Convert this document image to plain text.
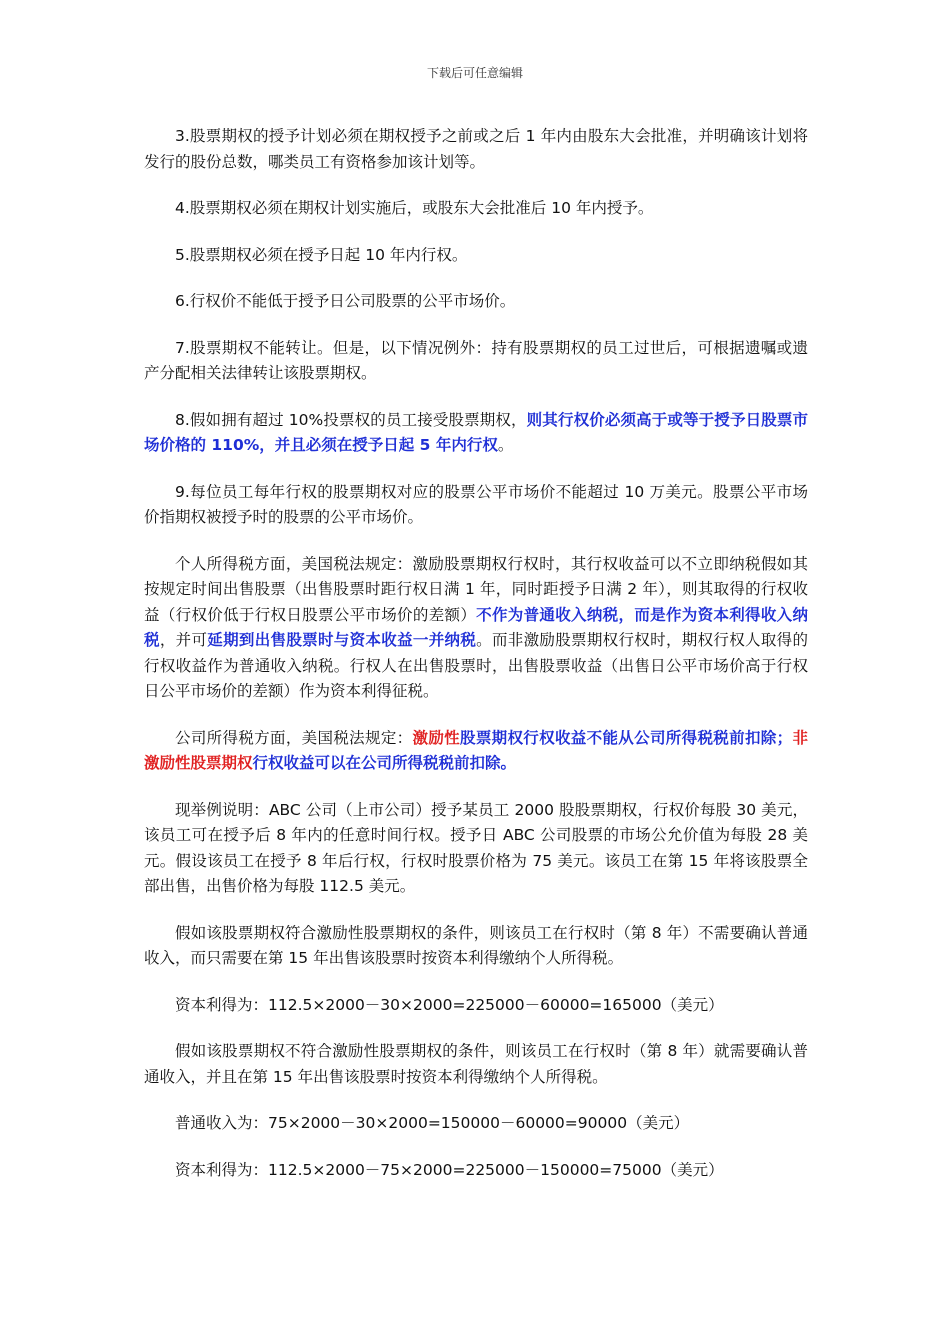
下载后可任意编辑

3.股票期权的授予计划必须在期权授予之前或之后 1 年内由股东大会批准，并明确该计划将发行的股份总数，哪类员工有资格参加该计划等。

4.股票期权必须在期权计划实施后，或股东大会批准后 10 年内授予。

5.股票期权必须在授予日起 10 年内行权。

6.行权价不能低于授予日公司股票的公平市场价。

7.股票期权不能转让。但是，以下情况例外：持有股票期权的员工过世后，可根据遗嘱或遗产分配相关法律转让该股票期权。

8.假如拥有超过 10%投票权的员工接受股票期权，则其行权价必须高于或等于授予日股票市场价格的 110%，并且必须在授予日起 5 年内行权。

9.每位员工每年行权的股票期权对应的股票公平市场价不能超过 10 万美元。股票公平市场价指期权被授予时的股票的公平市场价。

个人所得税方面，美国税法规定：激励股票期权行权时，其行权收益可以不立即纳税假如其按规定时间出售股票（出售股票时距行权日满 1 年，同时距授予日满 2 年），则其取得的行权收益（行权价低于行权日股票公平市场价的差额）不作为普通收入纳税，而是作为资本利得收入纳税，并可延期到出售股票时与资本收益一并纳税。而非激励股票期权行权时，期权行权人取得的行权收益作为普通收入纳税。行权人在出售股票时，出售股票收益（出售日公平市场价高于行权日公平市场价的差额）作为资本利得征税。

公司所得税方面，美国税法规定：激励性股票期权行权收益不能从公司所得税税前扣除；非激励性股票期权行权收益可以在公司所得税税前扣除。

现举例说明：ABC 公司（上市公司）授予某员工 2000 股股票期权，行权价每股 30 美元，该员工可在授予后 8 年内的任意时间行权。授予日 ABC 公司股票的市场公允价值为每股 28 美元。假设该员工在授予 8 年后行权，行权时股票价格为 75 美元。该员工在第 15 年将该股票全部出售，出售价格为每股 112.5 美元。

假如该股票期权符合激励性股票期权的条件，则该员工在行权时（第 8 年）不需要确认普通收入，而只需要在第 15 年出售该股票时按资本利得缴纳个人所得税。

资本利得为：112.5×2000－30×2000=225000－60000=165000（美元）

假如该股票期权不符合激励性股票期权的条件，则该员工在行权时（第 8 年）就需要确认普通收入，并且在第 15 年出售该股票时按资本利得缴纳个人所得税。

普通收入为：75×2000－30×2000=150000－60000=90000（美元）

资本利得为：112.5×2000－75×2000=225000－150000=75000（美元）
